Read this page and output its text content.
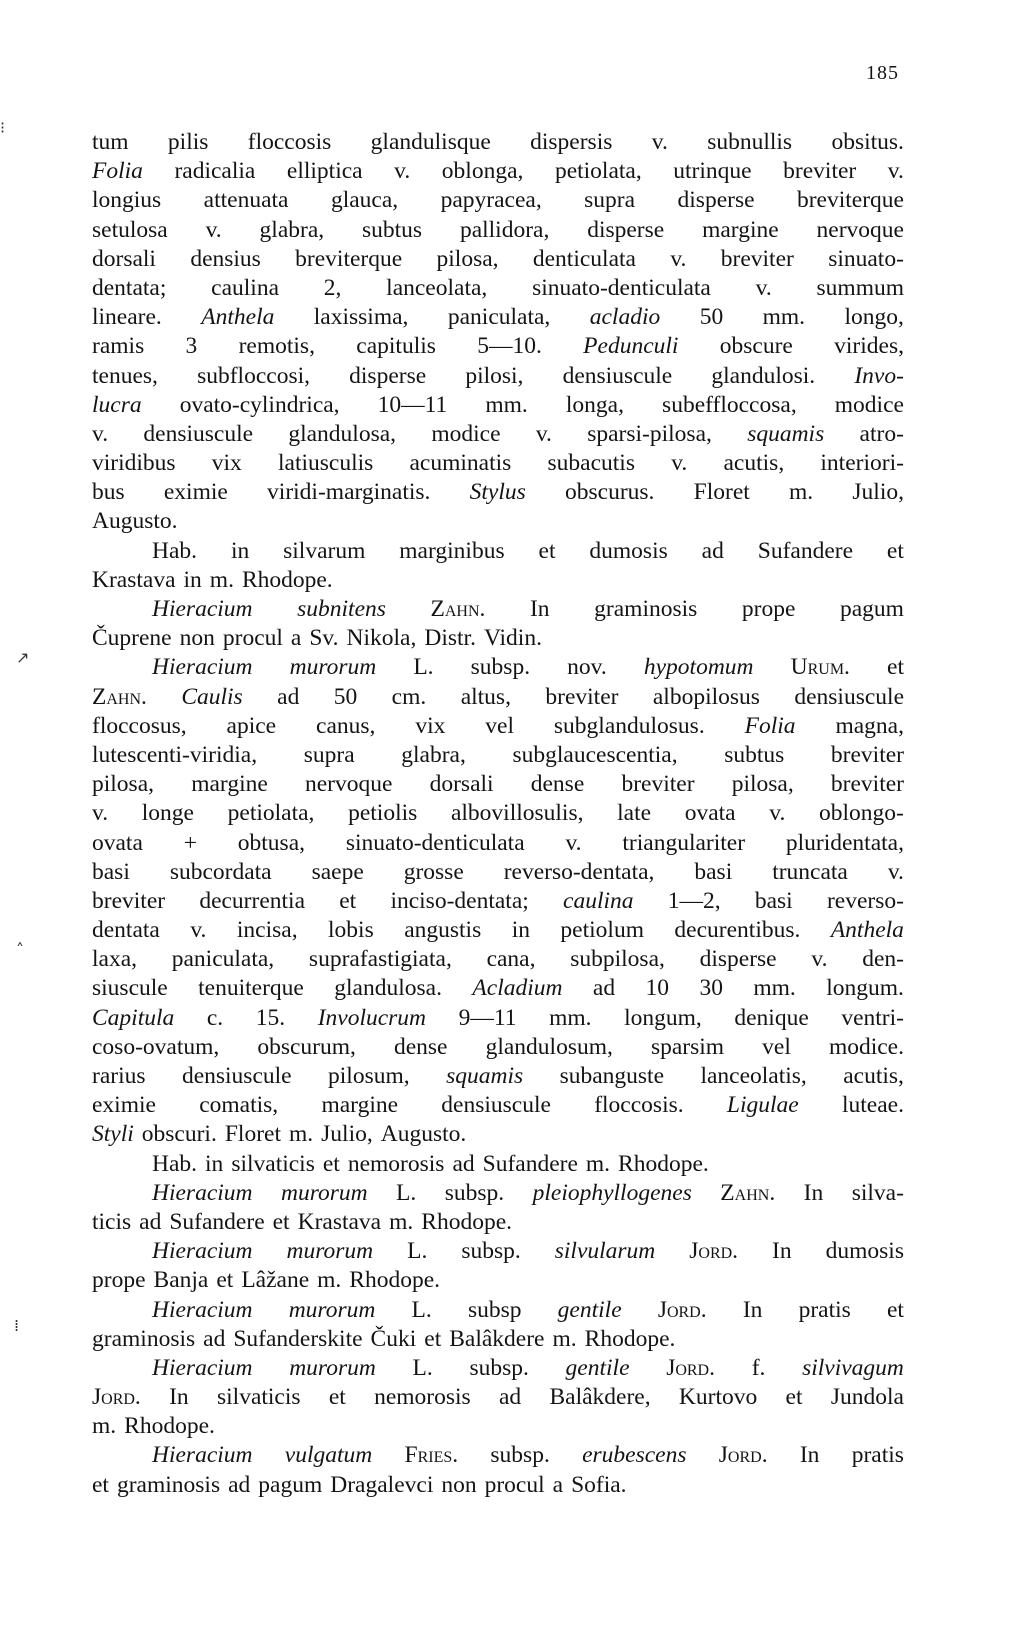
185
⁝
↗
˄
⁞
tum pilis floccosis glandulisque dispersis v. subnullis obsitus.
Folia radicalia elliptica v. oblonga, petiolata, utrinque breviter v.
longius attenuata glauca, papyracea, supra disperse breviterque
setulosa v. glabra, subtus pallidora, disperse margine nervoque
dorsali densius breviterque pilosa, denticulata v. breviter sinuato-
dentata; caulina 2, lanceolata, sinuato-denticulata v. summum
lineare. Anthela laxissima, paniculata, acladio 50 mm. longo,
ramis 3 remotis, capitulis 5—10. Pedunculi obscure virides,
tenues, subfloccosi, disperse pilosi, densiuscule glandulosi. Invo-
lucra ovato-cylindrica, 10—11 mm. longa, subeffloccosa, modice
v. densiuscule glandulosa, modice v. sparsi-pilosa, squamis atro-
viridibus vix latiusculis acuminatis subacutis v. acutis, interiori-
bus eximie viridi-marginatis. Stylus obscurus. Floret m. Julio,
Augusto.
Hab. in silvarum marginibus et dumosis ad Sufandere et
Krastava in m. Rhodope.
Hieracium subnitens Zahn. In graminosis prope pagum
Čuprene non procul a Sv. Nikola, Distr. Vidin.
Hieracium murorum L. subsp. nov. hypotomum Urum. et
Zahn. Caulis ad 50 cm. altus, breviter albopilosus densiuscule
floccosus, apice canus, vix vel subglandulosus. Folia magna,
lutescenti-viridia, supra glabra, subglaucescentia, subtus breviter
pilosa, margine nervoque dorsali dense breviter pilosa, breviter
v. longe petiolata, petiolis albovillosulis, late ovata v. oblongo-
ovata + obtusa, sinuato-denticulata v. triangulariter pluridentata,
basi subcordata saepe grosse reverso-dentata, basi truncata v.
breviter decurrentia et inciso-dentata; caulina 1—2, basi reverso-
dentata v. incisa, lobis angustis in petiolum decurentibus. Anthela
laxa, paniculata, suprafastigiata, cana, subpilosa, disperse v. den-
siuscule tenuiterque glandulosa. Acladium ad 10 30 mm. longum.
Capitula c. 15. Involucrum 9—11 mm. longum, denique ventri-
coso-ovatum, obscurum, dense glandulosum, sparsim vel modice.
rarius densiuscule pilosum, squamis subanguste lanceolatis, acutis,
eximie comatis, margine densiuscule floccosis. Ligulae luteae.
Styli obscuri. Floret m. Julio, Augusto.
Hab. in silvaticis et nemorosis ad Sufandere m. Rhodope.
Hieracium murorum L. subsp. pleiophyllogenes Zahn. In silva-
ticis ad Sufandere et Krastava m. Rhodope.
Hieracium murorum L. subsp. silvularum Jord. In dumosis
prope Banja et Lâžane m. Rhodope.
Hieracium murorum L. subsp gentile Jord. In pratis et
graminosis ad Sufanderskite Čuki et Balâkdere m. Rhodope.
Hieracium murorum L. subsp. gentile Jord. f. silvivagum
Jord. In silvaticis et nemorosis ad Balâkdere, Kurtovo et Jundola
m. Rhodope.
Hieracium vulgatum Fries. subsp. erubescens Jord. In pratis
et graminosis ad pagum Dragalevci non procul a Sofia.
